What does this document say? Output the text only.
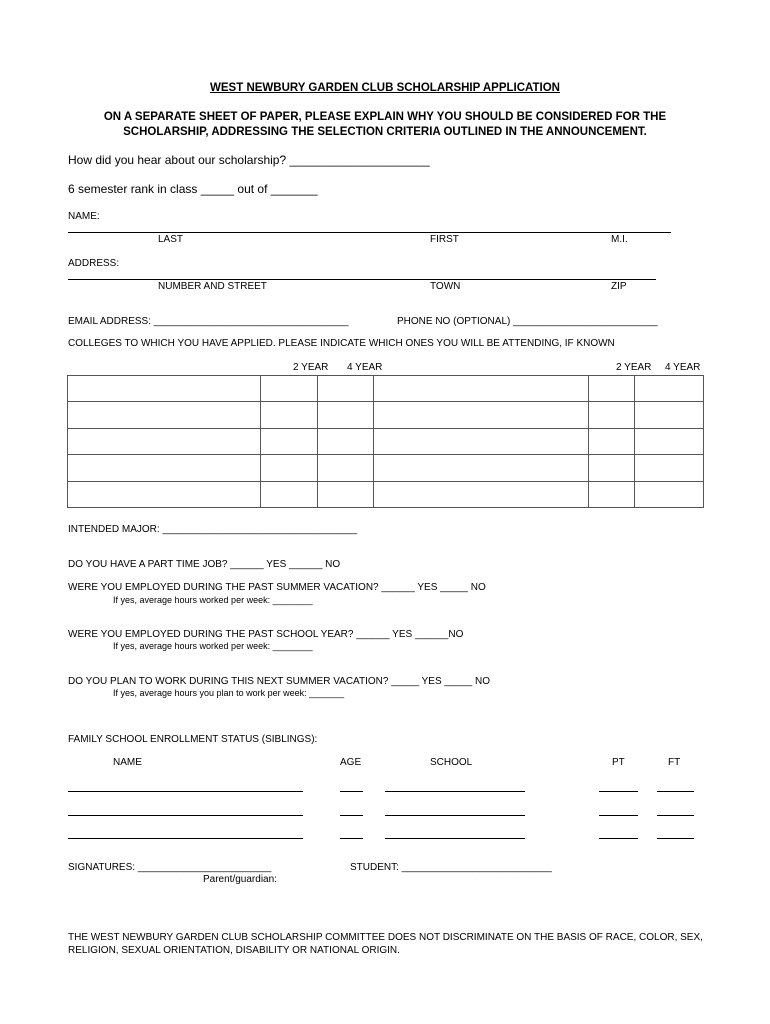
WEST NEWBURY GARDEN CLUB SCHOLARSHIP APPLICATION
ON A SEPARATE SHEET OF PAPER, PLEASE EXPLAIN WHY YOU SHOULD BE CONSIDERED FOR THE
SCHOLARSHIP, ADDRESSING THE SELECTION CRITERIA OUTLINED IN THE ANNOUNCEMENT.
How did you hear about our scholarship? _____________________
6 semester rank in class _____ out of _______
NAME:
LAST	FIRST	M.I.
ADDRESS:
NUMBER AND STREET	TOWN	ZIP
EMAIL ADDRESS: ___________________________________	PHONE NO (OPTIONAL) __________________________
COLLEGES TO WHICH YOU HAVE APPLIED. PLEASE INDICATE WHICH ONES YOU WILL BE ATTENDING, IF KNOWN
2 YEAR 4 YEAR	2 YEAR 4 YEAR

INTENDED MAJOR: ___________________________________
DO YOU HAVE A PART TIME JOB? ______ YES ______ NO
WERE YOU EMPLOYED DURING THE PAST SUMMER VACATION? ______ YES _____ NO
If yes, average hours worked per week: ________
WERE YOU EMPLOYED DURING THE PAST SCHOOL YEAR? ______ YES ______NO
If yes, average hours worked per week: ________
DO YOU PLAN TO WORK DURING THIS NEXT SUMMER VACATION? _____ YES _____ NO
If yes, average hours you plan to work per week: _______
FAMILY SCHOOL ENROLLMENT STATUS (SIBLINGS):
NAME	AGE	SCHOOL	PT	FT
SIGNATURES: ________________________
Parent/guardian:
STUDENT: ___________________________
THE WEST NEWBURY GARDEN CLUB SCHOLARSHIP COMMITTEE DOES NOT DISCRIMINATE ON THE BASIS OF RACE, COLOR, SEX, RELIGION, SEXUAL ORIENTATION, DISABILITY OR NATIONAL ORIGIN.
